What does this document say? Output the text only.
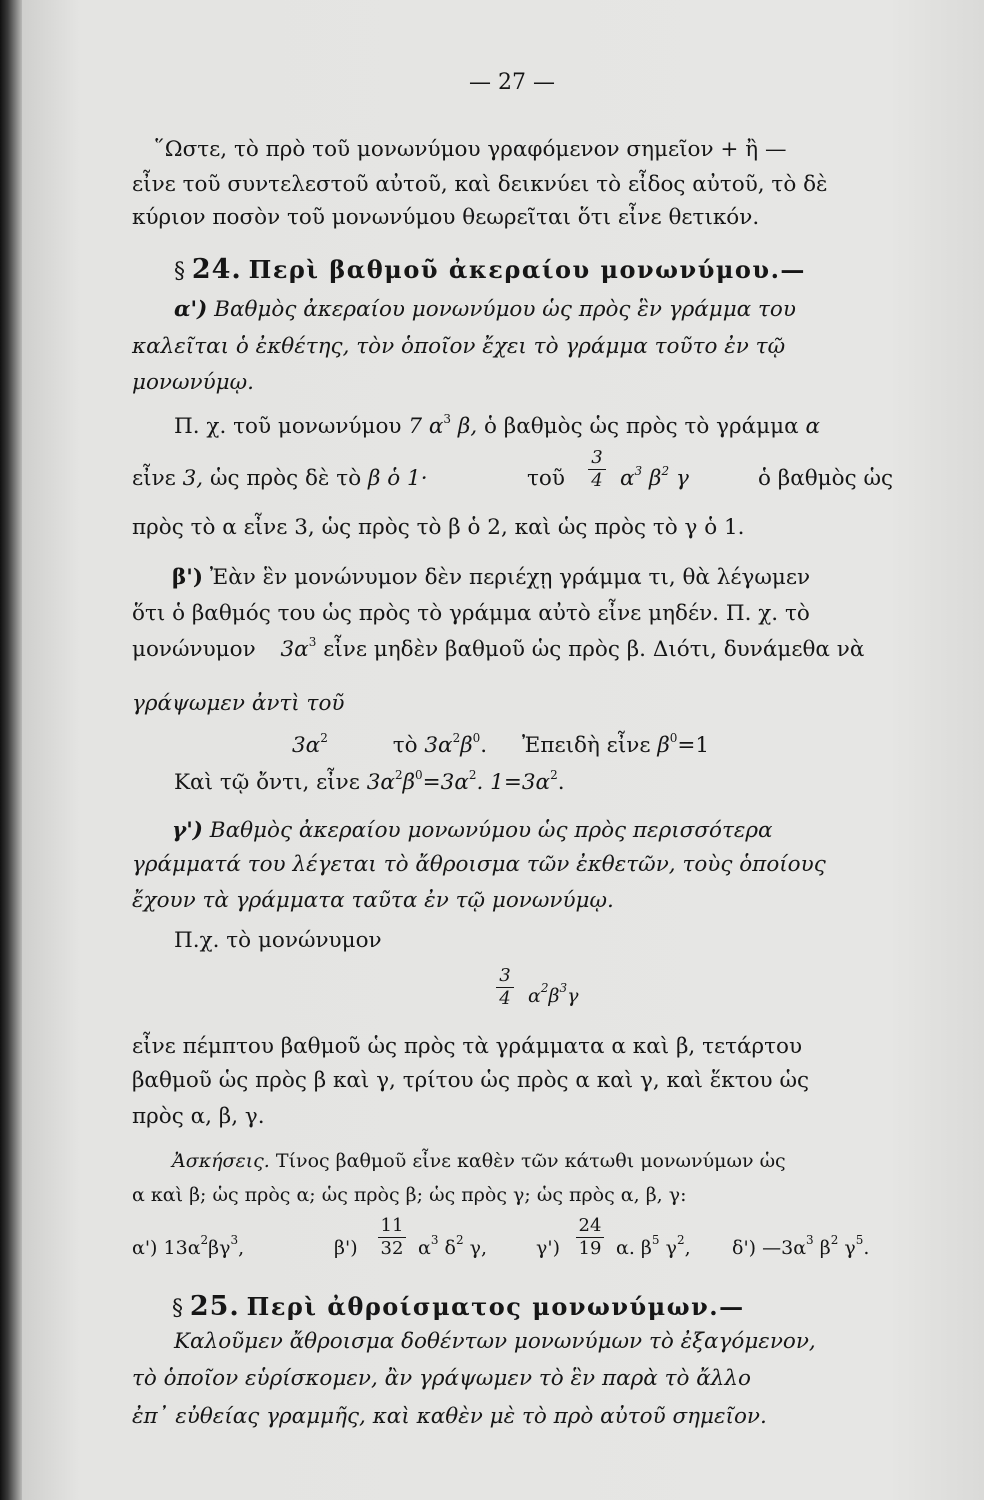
— 27 —
῞Ωστε, τὸ πρὸ τοῦ μονωνύμου γραφόμενον σημεῖον + ἢ —
εἶνε τοῦ συντελεστοῦ αὐτοῦ, καὶ δεικνύει τὸ εἶδος αὐτοῦ, τὸ δὲ
κύριον ποσὸν τοῦ μονωνύμου θεωρεῖται ὅτι εἶνε θετικόν.
§ 24. Περὶ βαθμοῦ ἀκεραίου μονωνύμου.—
α') Βαθμὸς ἀκεραίου μονωνύμου ὡς πρὸς ἓν γράμμα του
καλεῖται ὁ ἐκθέτης, τὸν ὁποῖον ἔχει τὸ γράμμα τοῦτο ἐν τῷ
μονωνύμῳ.
Π. χ. τοῦ μονωνύμου 7 $\alpha^3$ β, ὁ βαθμὸς ὡς πρὸς τὸ γράμμα α
εἶνε 3, ὡς πρὸς δὲ τὸ β ὁ 1·	τοῦ
3
4 $\alpha^3$ $\beta^2$ γ	ὁ βαθμὸς ὡς
πρὸς τὸ α εἶνε 3, ὡς πρὸς τὸ β ὁ 2, καὶ ὡς πρὸς τὸ γ ὁ 1.
β') Ἐὰν ἓν μονώνυμον δὲν περιέχῃ γράμμα τι, θὰ λέγωμεν
ὅτι ὁ βαθμός του ὡς πρὸς τὸ γράμμα αὐτὸ εἶνε μηδέν. Π. χ. τὸ
μονώνυμον $3\alpha^3$ εἶνε μηδὲν βαθμοῦ ὡς πρὸς β. Διότι, δυνάμεθα νὰ
γράψωμεν ἀντὶ τοῦ
$3\alpha^2$	τὸ $3\alpha^2\beta^0$. Ἐπειδὴ εἶνε $\beta^0=1$
Καὶ τῷ ὄντι, εἶνε $3\alpha^2\beta^0=3\alpha^2$. $1=3\alpha^2$.
γ') Βαθμὸς ἀκεραίου μονωνύμου ὡς πρὸς περισσότερα
γράμματά του λέγεται τὸ ἄθροισμα τῶν ἐκθετῶν, τοὺς ὁποίους
ἔχουν τὰ γράμματα ταῦτα ἐν τῷ μονωνύμῳ.
Π.χ. τὸ μονώνυμον
3
4 $\alpha^2\beta^3\gamma$
εἶνε πέμπτου βαθμοῦ ὡς πρὸς τὰ γράμματα α καὶ β, τετάρτου
βαθμοῦ ὡς πρὸς β καὶ γ, τρίτου ὡς πρὸς α καὶ γ, καὶ ἕκτου ὡς
πρὸς α, β, γ.
Ἀσκήσεις. Τίνος βαθμοῦ εἶνε καθὲν τῶν κάτωθι μονωνύμων ὡς
α καὶ β; ὡς πρὸς α; ὡς πρὸς β; ὡς πρὸς γ; ὡς πρὸς α, β, γ:
α') $13\alpha^2\beta\gamma^3$,	β')
11
32 $\alpha^3$ $\delta^2$ γ,	γ')
24
19 α. $\beta^5$ $\gamma^2$, δ') $—3\alpha^3$ $\beta^2$ $\gamma^5$.
§ 25. Περὶ ἀθροίσματος μονωνύμων.—
Καλοῦμεν ἄθροισμα δοθέντων μονωνύμων τὸ ἐξαγόμενον,
τὸ ὁποῖον εὑρίσκομεν, ἂν γράψωμεν τὸ ἓν παρὰ τὸ ἄλλο
ἐπ᾽ εὐθείας γραμμῆς, καὶ καθὲν μὲ τὸ πρὸ αὐτοῦ σημεῖον.
